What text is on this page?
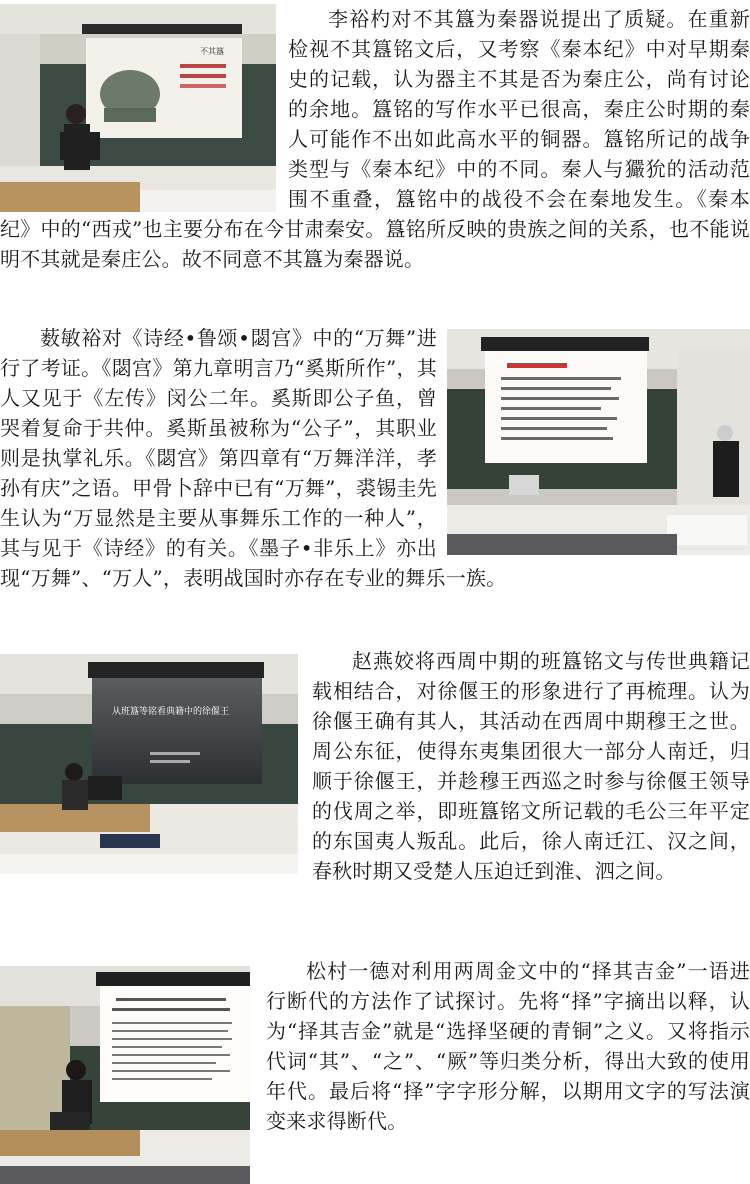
不其簋

李裕杓对不其簋为秦器说提出了质疑。在重新检视不其簋铭文后，又考察《秦本纪》中对早期秦史的记载，认为器主不其是否为秦庄公，尚有讨论的余地。簋铭的写作水平已很高，秦庄公时期的秦人可能作不出如此高水平的铜器。簋铭所记的战争类型与《秦本纪》中的不同。秦人与玁狁的活动范围不重叠，簋铭中的战役不会在秦地发生。《秦本纪》中的“西戎”也主要分布在今甘肃秦安。簋铭所反映的贵族之间的关系，也不能说明不其就是秦庄公。故不同意不其簋为秦器说。

薮敏裕对《诗经•鲁颂•閟宫》中的“万舞”进行了考证。《閟宫》第九章明言乃“奚斯所作”，其人又见于《左传》闵公二年。奚斯即公子鱼，曾哭着复命于共仲。奚斯虽被称为“公子”，其职业则是执掌礼乐。《閟宫》第四章有“万舞洋洋，孝孙有庆”之语。甲骨卜辞中已有“万舞”，裘锡圭先生认为“万显然是主要从事舞乐工作的一种人”，其与见于《诗经》的有关。《墨子•非乐上》亦出现“万舞”、“万人”，表明战国时亦存在专业的舞乐一族。

从班簋等铭看典籍中的徐偃王

赵燕姣将西周中期的班簋铭文与传世典籍记载相结合，对徐偃王的形象进行了再梳理。认为徐偃王确有其人，其活动在西周中期穆王之世。周公东征，使得东夷集团很大一部分人南迁，归顺于徐偃王，并趁穆王西巡之时参与徐偃王领导的伐周之举，即班簋铭文所记载的毛公三年平定的东国夷人叛乱。此后，徐人南迁江、汉之间，春秋时期又受楚人压迫迁到淮、泗之间。

松村一德对利用两周金文中的“择其吉金”一语进行断代的方法作了试探讨。先将“择”字摘出以释，认为“择其吉金”就是“选择坚硬的青铜”之义。又将指示代词“其”、“之”、“厥”等归类分析，得出大致的使用年代。最后将“择”字字形分解，以期用文字的写法演变来求得断代。
